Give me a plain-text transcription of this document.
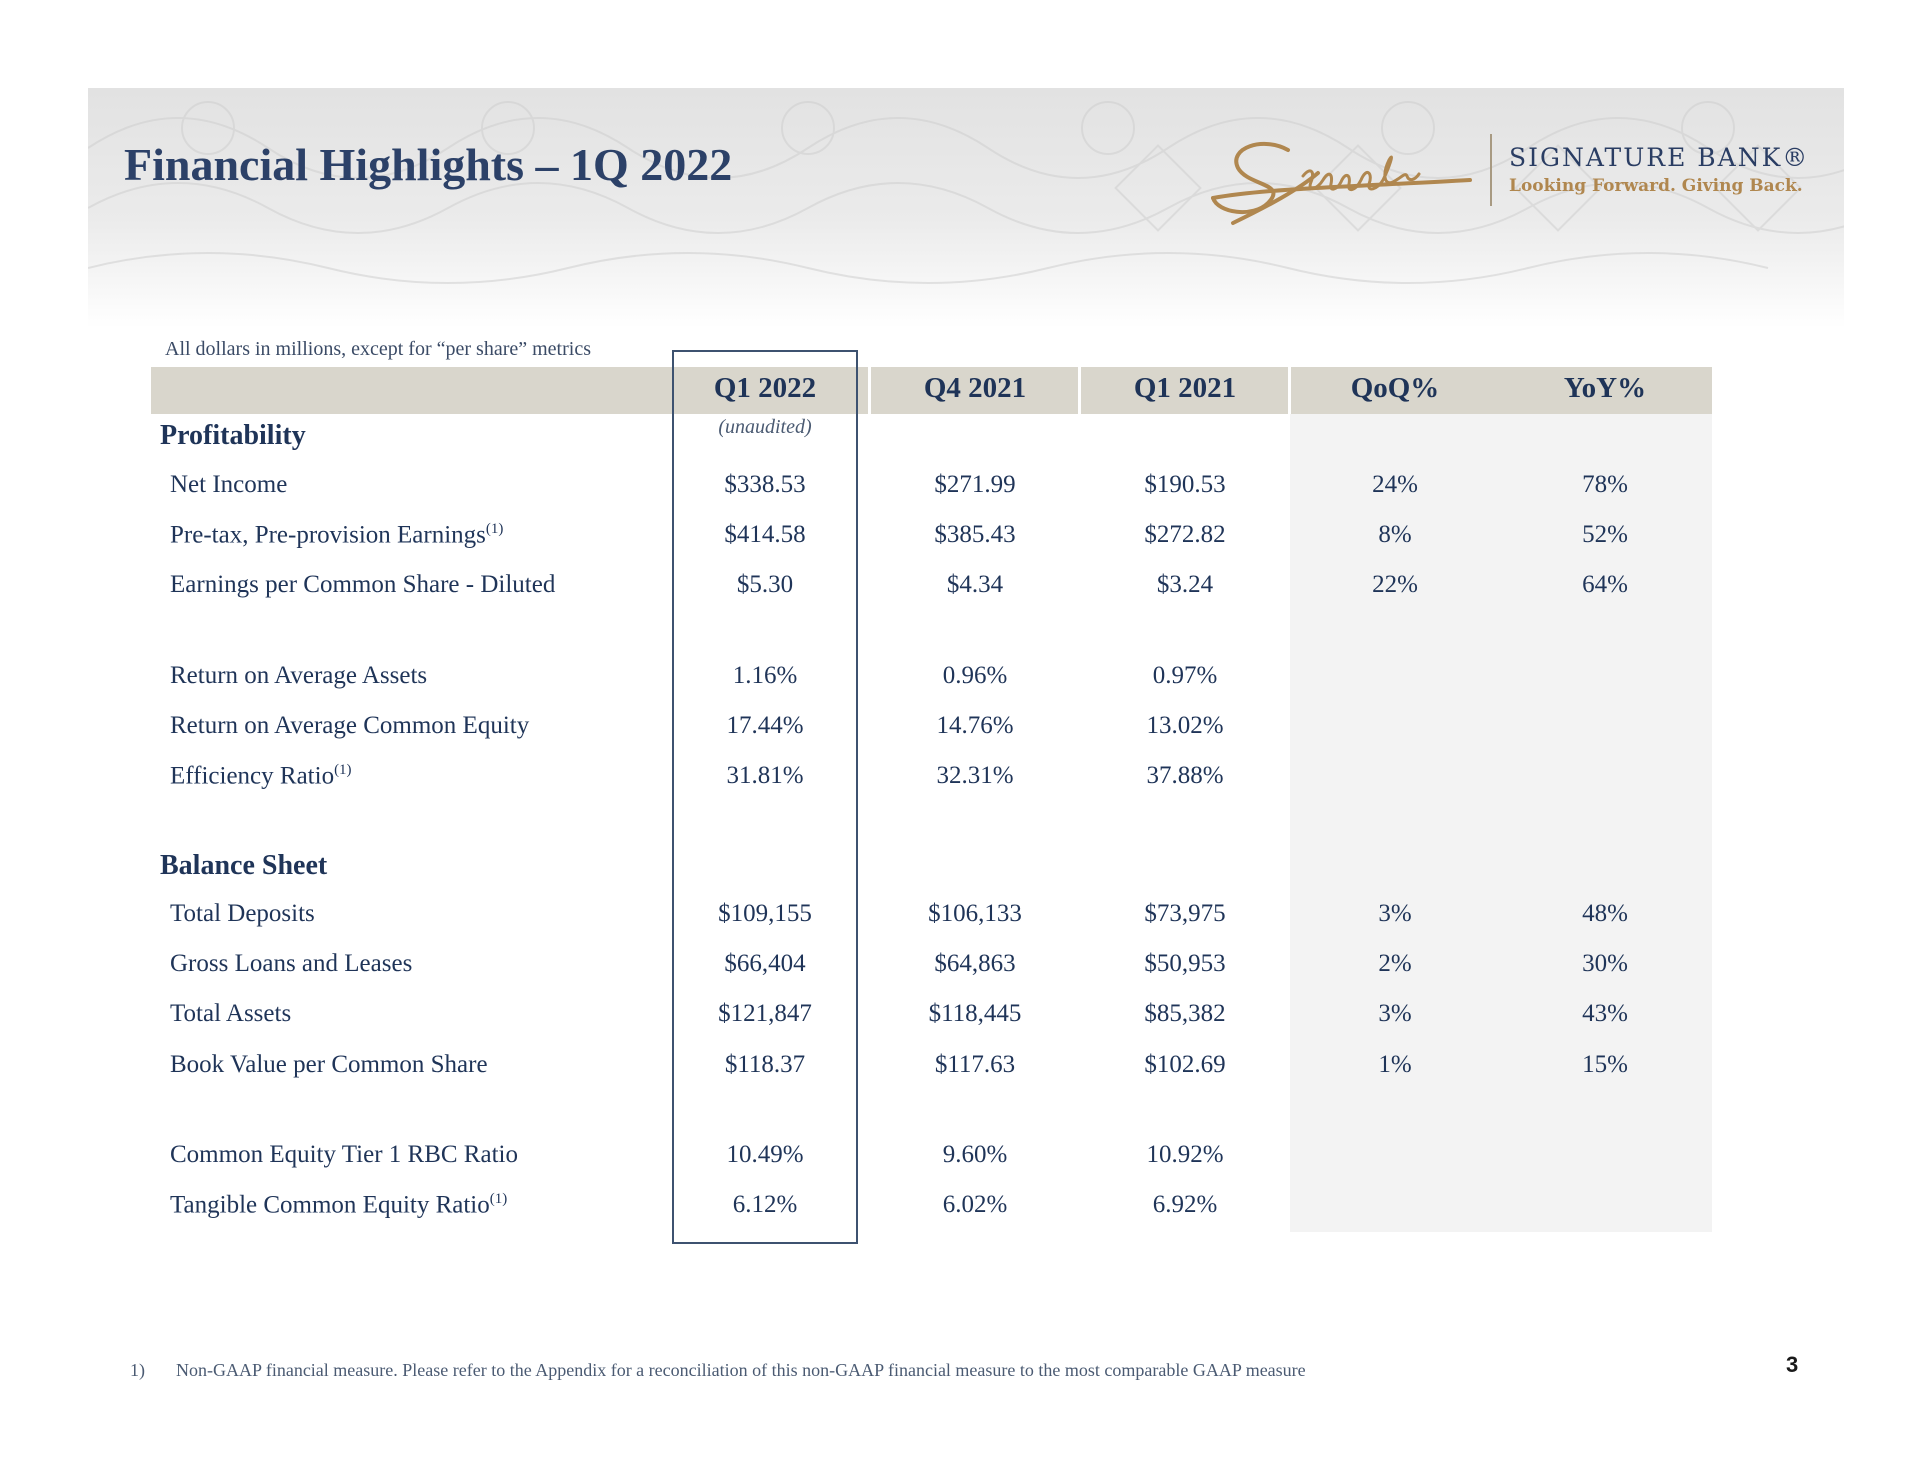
Financial Highlights – 1Q 2022	SIGNATURE BANK®
Looking Forward. Giving Back.
All dollars in millions, except for “per share” metrics
Q1 2022	Q4 2021	Q1 2021	QoQ%	YoY%
(unaudited)
Profitability
Net Income	$338.53	$271.99	$190.53	24%	78%
Pre-tax, Pre-provision Earnings$^{(1)}$	$414.58	$385.43	$272.82	8%	52%
Earnings per Common Share - Diluted	$5.30	$4.34	$3.24	22%	64%
Return on Average Assets	1.16%	0.96%	0.97%
Return on Average Common Equity	17.44%	14.76%	13.02%
Efficiency Ratio$^{(1)}$	31.81%	32.31%	37.88%
Balance Sheet
Total Deposits	$109,155	$106,133	$73,975	3%	48%
Gross Loans and Leases	$66,404	$64,863	$50,953	2%	30%
Total Assets	$121,847	$118,445	$85,382	3%	43%
Book Value per Common Share	$118.37	$117.63	$102.69	1%	15%
Common Equity Tier 1 RBC Ratio	10.49%	9.60%	10.92%
Tangible Common Equity Ratio$^{(1)}$	6.12%	6.02%	6.92%
1) Non-GAAP financial measure. Please refer to the Appendix for a reconciliation of this non-GAAP financial measure to the most comparable GAAP measure	3
